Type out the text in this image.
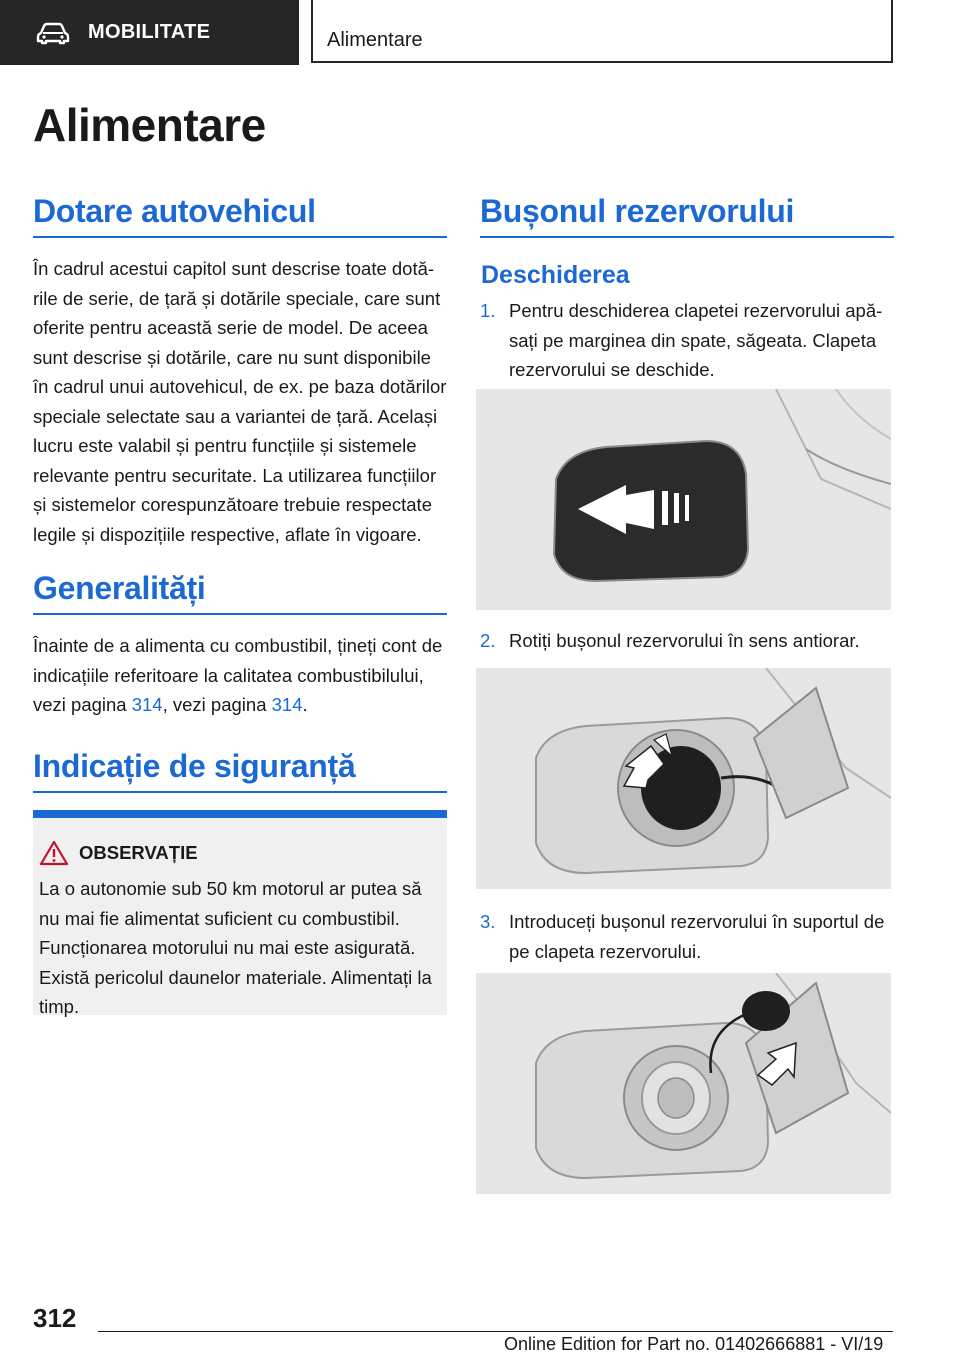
MOBILITATE	Alimentare
Alimentare
Dotare autovehicul

În cadrul acestui capitol sunt descrise toate dotările de serie, de țară și dotările speciale, care sunt oferite pentru această serie de model. De aceea sunt descrise și dotările, care nu sunt disponibile în cadrul unui autovehicul, de ex. pe baza dotărilor speciale selectate sau a variantei de țară. Același lucru este valabil și pentru funcțiile și sistemele relevante pentru securitate. La utilizarea funcțiilor și sistemelor corespunzătoare trebuie respectate legile și dispozițiile respective, aflate în vigoare.

Generalități

Înainte de a alimenta cu combustibil, țineți cont de indicațiile referitoare la calitatea combustibilului, vezi pagina 314, vezi pagina 314.

Indicație de siguranță
OBSERVAȚIE

La o autonomie sub 50 km motorul ar putea să nu mai fie alimentat suficient cu combustibil. Funcționarea motorului nu mai este asigurată. Există pericolul daunelor materiale. Alimentați la timp.

Bușonul rezervorului
Deschiderea
1. Pentru deschiderea clapetei rezervorului apăsați pe marginea din spate, săgeata. Clapeta rezervorului se deschide.
2. Rotiți bușonul rezervorului în sens antiorar.
3. Introduceți bușonul rezervorului în suportul de pe clapeta rezervorului.
312
Online Edition for Part no. 01402666881 - VI/19
